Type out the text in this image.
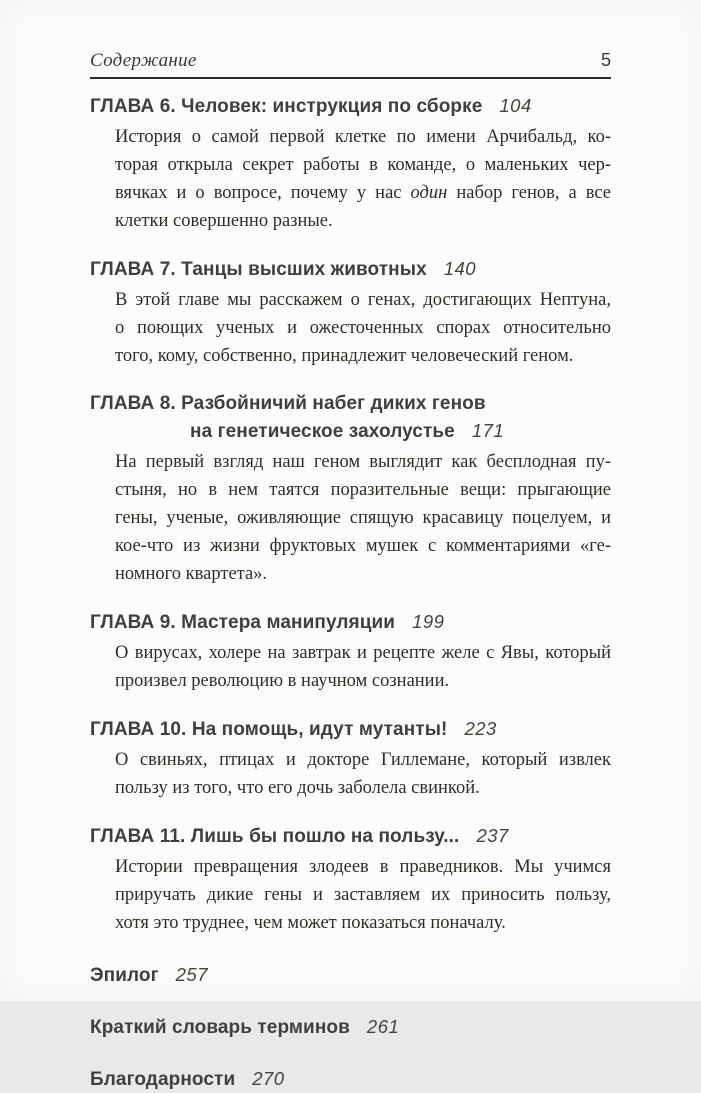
Содержание	5
ГЛАВА 6. Человек: инструкция по сборке 104
История о самой первой клетке по имени Арчибальд, ко-
торая открыла секрет работы в команде, о маленьких чер-
вячках и о вопросе, почему у нас один набор генов, а все
клетки совершенно разные.
ГЛАВА 7. Танцы высших животных 140
В этой главе мы расскажем о генах, достигающих Нептуна,
о поющих ученых и ожесточенных спорах относительно
того, кому, собственно, принадлежит человеческий геном.
ГЛАВА 8. Разбойничий набег диких генов
на генетическое захолустье 171
На первый взгляд наш геном выглядит как бесплодная пу-
стыня, но в нем таятся поразительные вещи: прыгающие
гены, ученые, оживляющие спящую красавицу поцелуем, и
кое-что из жизни фруктовых мушек с комментариями «ге-
номного квартета».
ГЛАВА 9. Мастера манипуляции 199
О вирусах, холере на завтрак и рецепте желе с Явы, который
произвел революцию в научном сознании.
ГЛАВА 10. На помощь, идут мутанты! 223
О свиньях, птицах и докторе Гиллемане, который извлек
пользу из того, что его дочь заболела свинкой.
ГЛАВА 11. Лишь бы пошло на пользу... 237
Истории превращения злодеев в праведников. Мы учимся
приручать дикие гены и заставляем их приносить пользу,
хотя это труднее, чем может показаться поначалу.
Эпилог 257
Краткий словарь терминов 261
Благодарности 270
